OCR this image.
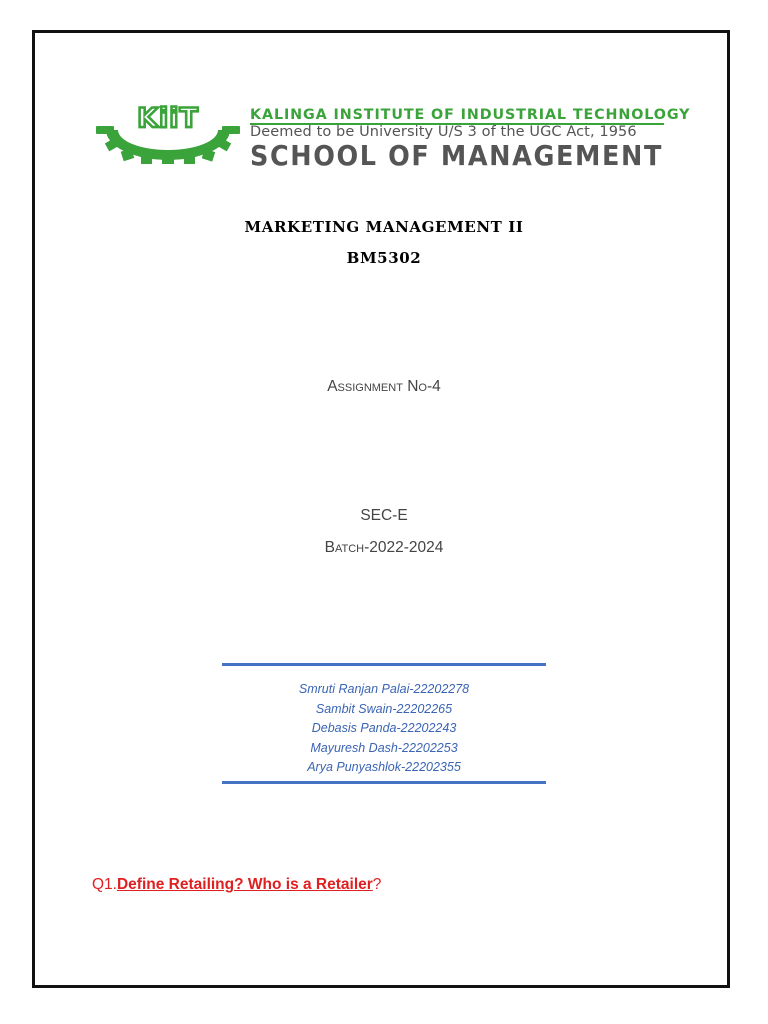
KiiT	KALINGA INSTITUTE OF INDUSTRIAL TECHNOLOGY
Deemed to be University U/S 3 of the UGC Act, 1956
SCHOOL OF MANAGEMENT
MARKETING MANAGEMENT II
BM5302
Assignment No-4
SEC-E
Batch-2022-2024
Smruti Ranjan Palai-22202278
Sambit Swain-22202265
Debasis Panda-22202243
Mayuresh Dash-22202253
Arya Punyashlok-22202355
Q1.Define Retailing? Who is a Retailer?
